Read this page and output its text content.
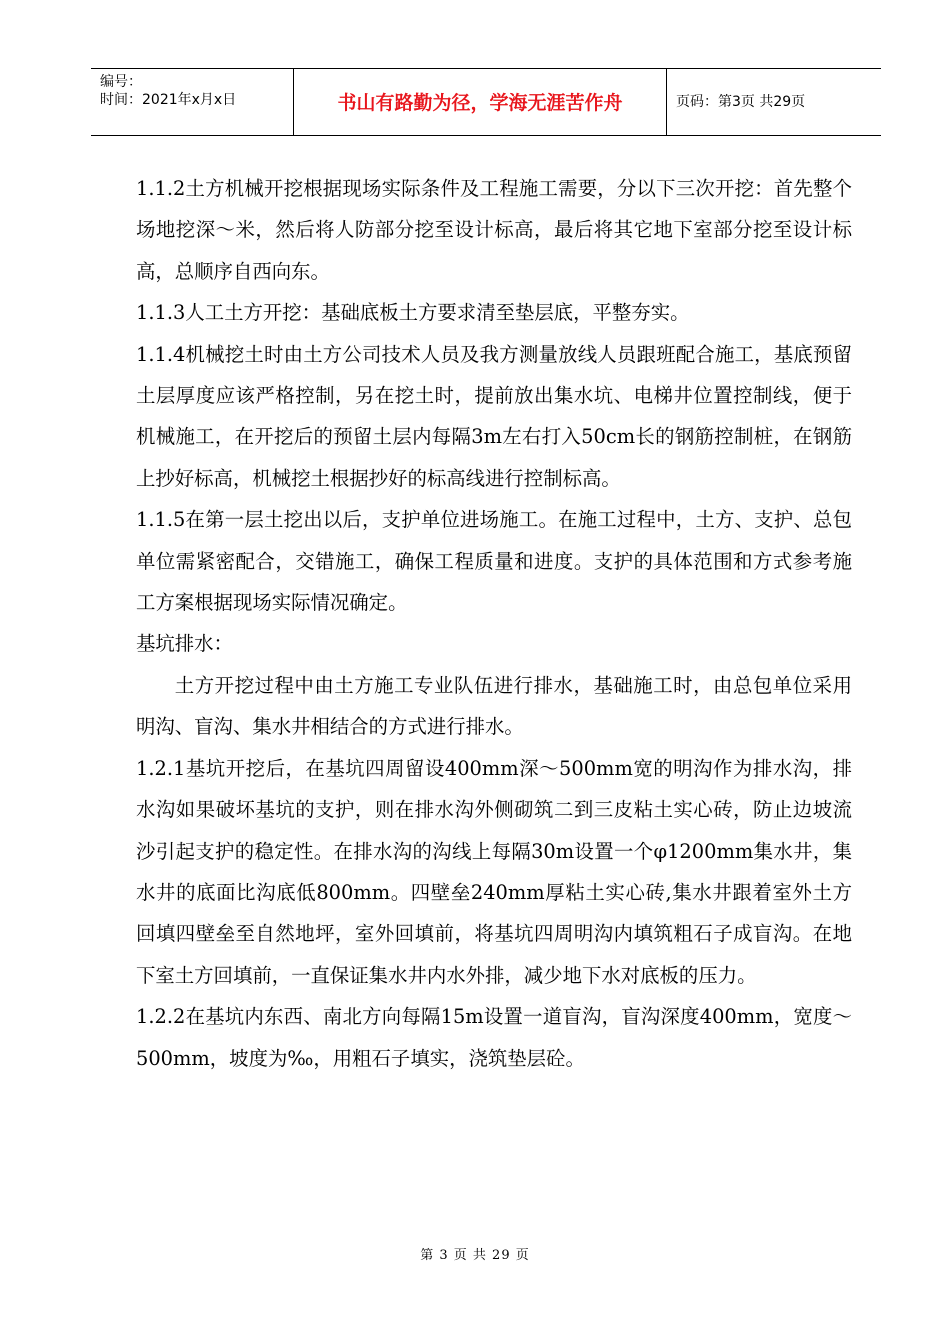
编号：
时间：2021年x月x日	书山有路勤为径，学海无涯苦作舟	页码：第3页 共29页

1.1.2土方机械开挖根据现场实际条件及工程施工需要，分以下三次开挖：首先整个场地挖深～米，然后将人防部分挖至设计标高，最后将其它地下室部分挖至设计标高，总顺序自西向东。

1.1.3人工土方开挖：基础底板土方要求清至垫层底，平整夯实。

1.1.4机械挖土时由土方公司技术人员及我方测量放线人员跟班配合施工，基底预留土层厚度应该严格控制，另在挖土时，提前放出集水坑、电梯井位置控制线，便于机械施工，在开挖后的预留土层内每隔3m左右打入50cm长的钢筋控制桩，在钢筋上抄好标高，机械挖土根据抄好的标高线进行控制标高。

1.1.5在第一层土挖出以后，支护单位进场施工。在施工过程中，土方、支护、总包单位需紧密配合，交错施工，确保工程质量和进度。支护的具体范围和方式参考施工方案根据现场实际情况确定。

基坑排水：

土方开挖过程中由土方施工专业队伍进行排水，基础施工时，由总包单位采用明沟、盲沟、集水井相结合的方式进行排水。

1.2.1基坑开挖后，在基坑四周留设400mm深～500mm宽的明沟作为排水沟，排水沟如果破坏基坑的支护，则在排水沟外侧砌筑二到三皮粘土实心砖，防止边坡流沙引起支护的稳定性。在排水沟的沟线上每隔30m设置一个φ1200mm集水井，集水井的底面比沟底低800mm。四壁垒240mm厚粘土实心砖,集水井跟着室外土方回填四壁垒至自然地坪，室外回填前，将基坑四周明沟内填筑粗石子成盲沟。在地下室土方回填前，一直保证集水井内水外排，减少地下水对底板的压力。

1.2.2在基坑内东西、南北方向每隔15m设置一道盲沟，盲沟深度400mm，宽度～500mm，坡度为‰，用粗石子填实，浇筑垫层砼。

第 3 页 共 29 页
